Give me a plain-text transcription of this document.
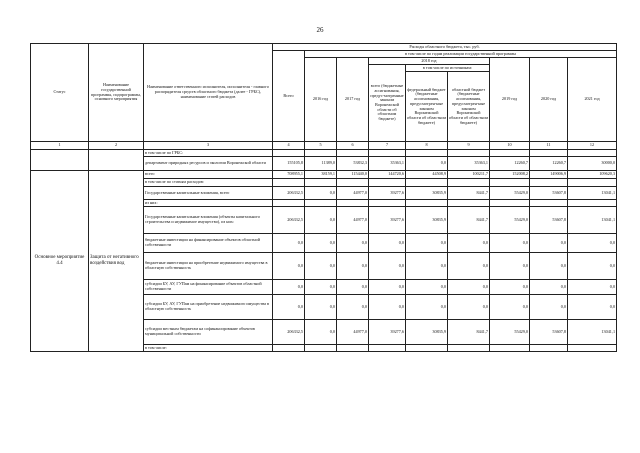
26
Статус	Наименование государственной программы, подпрограммы, основного мероприятия	Наименование ответственного исполнителя, исполнителя - главного распорядителя средств областного бюджета (далее - ГРБС), наименование статей расходов	Расходы областного бюджета, тыс. руб.								
			Всего	в том числе по годам реализации государственной программы							
				2016 год	2017 год	2018 год			2019 год	2020 год	2021 год
						всего (бюджетные ассигнования, предус-мотренные законом Воронежской области об областном бюджете)	в том числе по источникам:				
							федеральный бюджет (бюджетные ассигнования, предусмотрен-ные законом Воронежской области об областном бюджете)	областной бюджет (бюджетные ассигнования, предусмотрен-ные законом Воронежской области об областном бюджете)			
1	2	3	4	5	6	7	8	9	10	11	12
		в том числе по ГРБС:									
		департамент природных ресурсов и экологии Воронежской области	155105,8	11389,0	53832,3	35363,1	0,0	35363,1	12260,7	12260,7	30000,0
Основное мероприятие 4.4	Защита от негативного воздействия вод	всего	708955,1	38159,1	115440,0	144720,6	44508,9	100211,7	152008,2	149006,9	109620,3
		в том числе по статьям расходов:									
		Государственные капитальные вложения, всего	206332,5	0,0	44977,0	39277,6	30835,9	8441,7	55429,0	53607,8	13041,1
		из них:									
		Государственные капитальные вложения (объекты капитального строительства и недвижимое имущество), из них:	206332,5	0,0	44977,0	39277,6	30835,9	8441,7	55429,0	53607,8	13041,1
		бюджетные инвестиции на финансирование объектов областной собственности	0,0	0,0	0,0	0,0	0,0	0,0	0,0	0,0	0,0
		бюджетные инвестиции на приобретение недвижимого имущества в областную собственность	0,0	0,0	0,0	0,0	0,0	0,0	0,0	0,0	0,0
		субсидии БУ, АУ, ГУПам на финансирование объектов областной собственности	0,0	0,0	0,0	0,0	0,0	0,0	0,0	0,0	0,0
		субсидии БУ, АУ, ГУПам на приобретение недвижимого имущества в областную собственность	0,0	0,0	0,0	0,0	0,0	0,0	0,0	0,0	0,0
		субсидии местным бюджетам на софинансирование объектов муниципальной собственности	206332,5	0,0	44977,0	39277,6	30835,9	8441,7	55429,0	53607,8	13041,1
		в том числе:									
